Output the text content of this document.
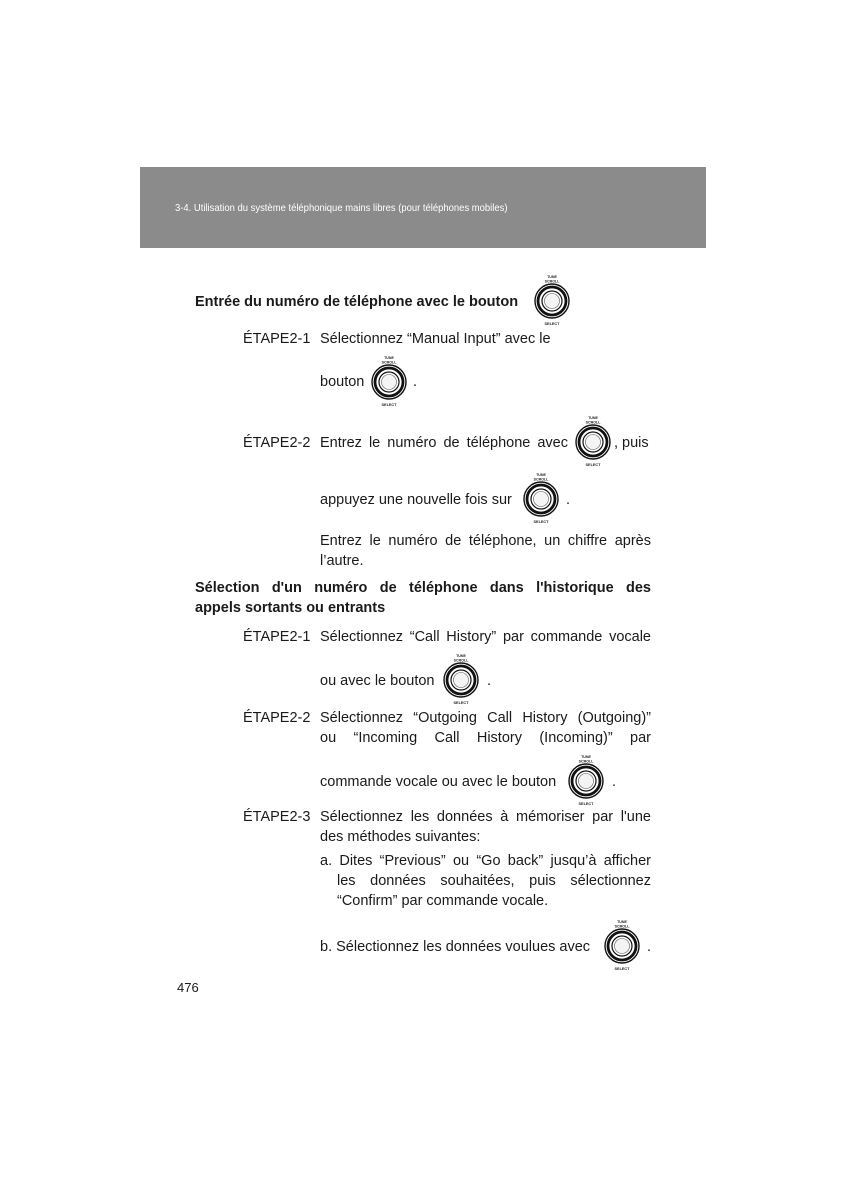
3-4. Utilisation du système téléphonique mains libres (pour téléphones mobiles)
Entrée du numéro de téléphone avec le bouton
TUNE
SCROLL
SELECT
ÉTAPE2-1 Sélectionnez “Manual Input” avec le
bouton
TUNE
SCROLL
SELECT
.
ÉTAPE2-2 Entrez le numéro de téléphone avec
TUNE
SCROLL
SELECT
, puis
appuyez une nouvelle fois sur
TUNE
SCROLL
SELECT
.
Entrez le numéro de téléphone, un chiffre après
l’autre.
Sélection d'un numéro de téléphone dans l'historique des
appels sortants ou entrants
ÉTAPE2-1 Sélectionnez “Call History” par commande vocale
ou avec le bouton
TUNE
SCROLL
SELECT
.
ÉTAPE2-2 Sélectionnez “Outgoing Call History (Outgoing)”
ou “Incoming Call History (Incoming)” par
commande vocale ou avec le bouton
TUNE
SCROLL
SELECT
.
ÉTAPE2-3 Sélectionnez les données à mémoriser par l'une
des méthodes suivantes:
a. Dites “Previous” ou “Go back” jusqu’à afficher
les données souhaitées, puis sélectionnez
“Confirm” par commande vocale.
b. Sélectionnez les données voulues avec
TUNE
SCROLL
SELECT
.
476
